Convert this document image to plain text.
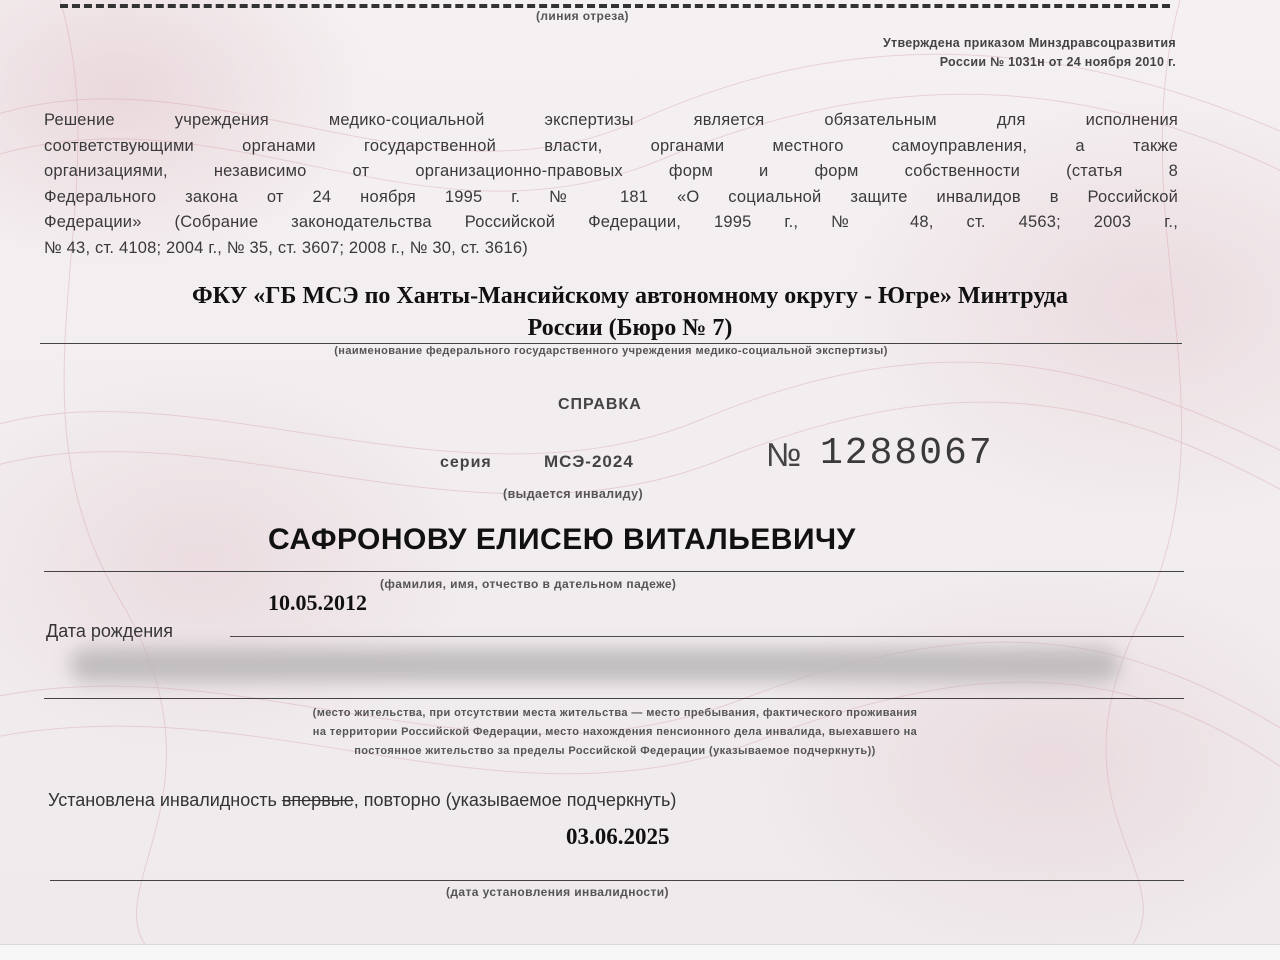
(линия отреза)
Утверждена приказом Минздравсоцразвития
России № 1031н от 24 ноября 2010 г.
Решение учреждения медико-социальной экспертизы является обязательным для исполнения
соответствующими органами государственной власти, органами местного самоуправления, а также
организациями, независимо от организационно-правовых форм и форм собственности (статья 8
Федерального закона от 24 ноября 1995 г. № 181 «О социальной защите инвалидов в Российской
Федерации» (Собрание законодательства Российской Федерации, 1995 г., № 48, ст. 4563; 2003 г.,
№ 43, ст. 4108; 2004 г., № 35, ст. 3607; 2008 г., № 30, ст. 3616)
ФКУ «ГБ МСЭ по Ханты-Мансийскому автономному округу - Югре» Минтруда
России (Бюро № 7)
(наименование федерального государственного учреждения медико-социальной экспертизы)
СПРАВКА
серия	МСЭ-2024	№ 1288067
(выдается инвалиду)
САФРОНОВУ ЕЛИСЕЮ ВИТАЛЬЕВИЧУ
(фамилия, имя, отчество в дательном падеже)
10.05.2012
Дата рождения
(место жительства, при отсутствии места жительства — место пребывания, фактического проживания
на территории Российской Федерации, место нахождения пенсионного дела инвалида, выехавшего на
постоянное жительство за пределы Российской Федерации (указываемое подчеркнуть))
Установлена инвалидность впервые, повторно (указываемое подчеркнуть)
03.06.2025
(дата установления инвалидности)
